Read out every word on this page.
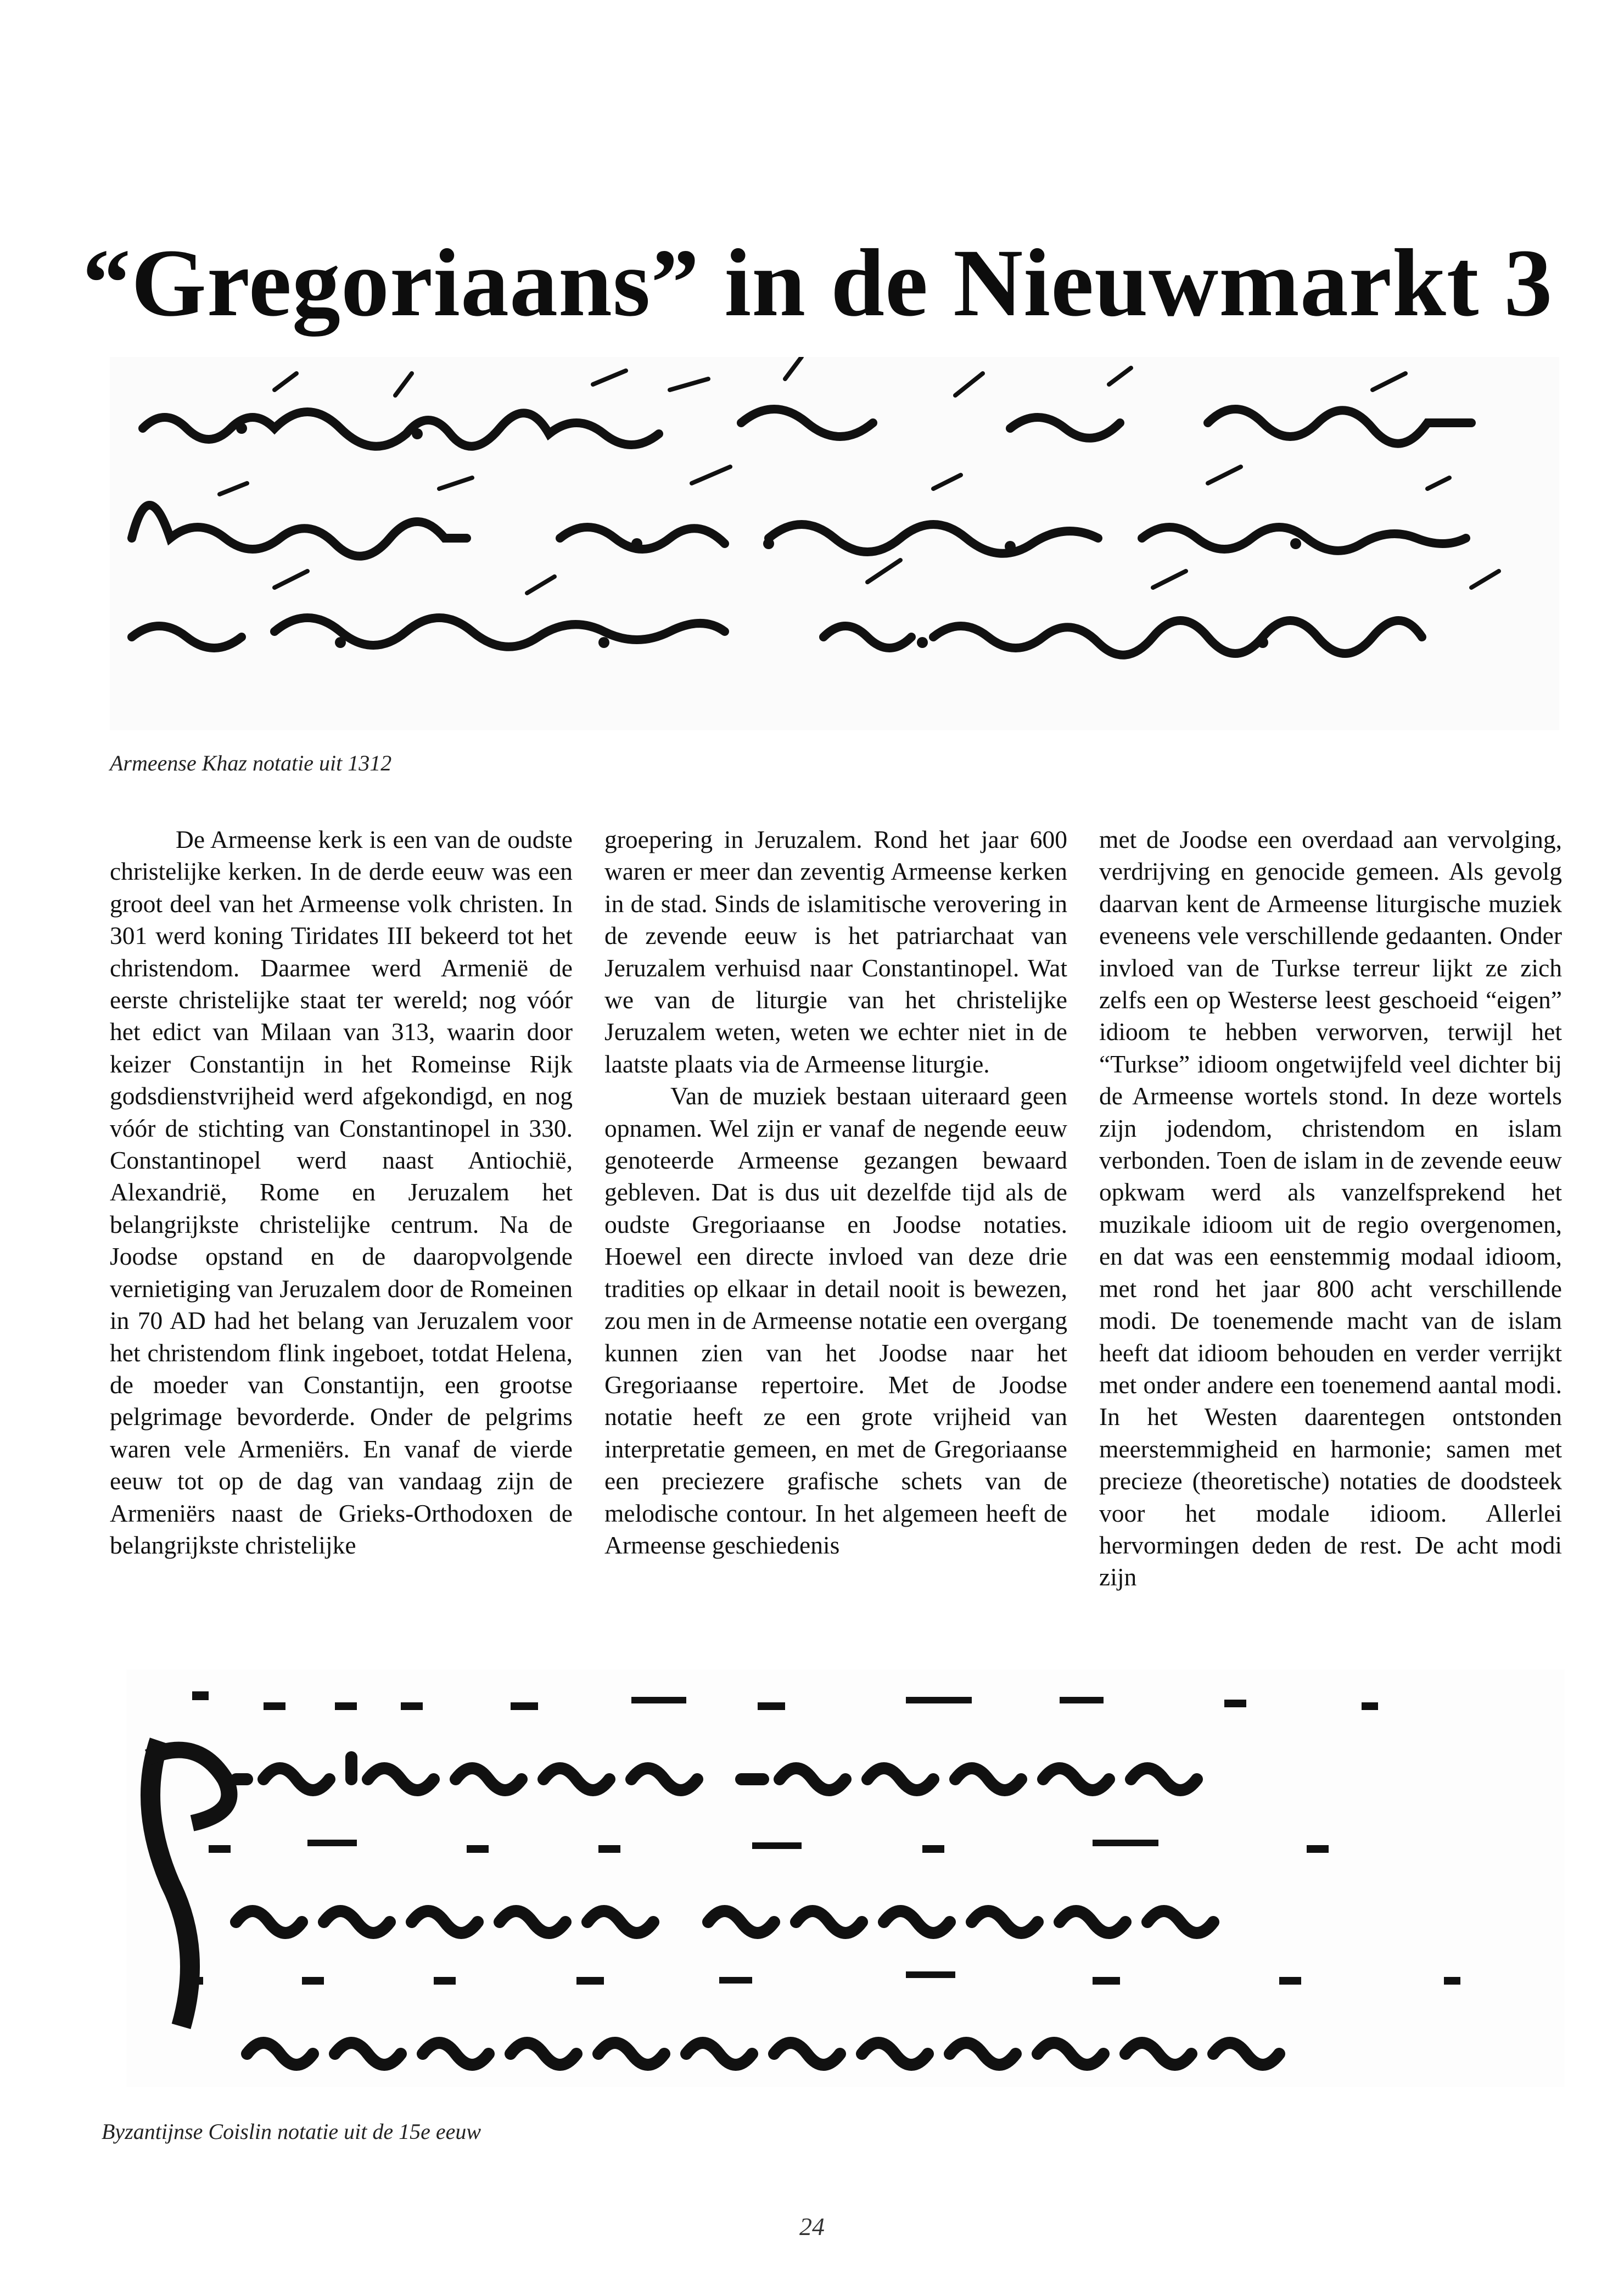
“Gregoriaans” in de Nieuwmarkt 3
Armeense Khaz notatie uit 1312

De Armeense kerk is een van de oudste christelijke kerken. In de derde eeuw was een groot deel van het Armeense volk christen. In 301 werd koning Tiridates III bekeerd tot het christendom. Daarmee werd Armenië de eerste christelijke staat ter wereld; nog vóór het edict van Milaan van 313, waarin door keizer Constantijn in het Romeinse Rijk godsdienstvrijheid werd afgekondigd, en nog vóór de stichting van Constantinopel in 330. Constantinopel werd naast Antiochië, Alexandrië, Rome en Jeruzalem het belangrijkste christelijke centrum. Na de Joodse opstand en de daaropvolgende vernietiging van Jeruzalem door de Romeinen in 70 AD had het belang van Jeruzalem voor het christendom flink ingeboet, totdat Helena, de moeder van Constantijn, een grootse pelgrimage bevorderde. Onder de pelgrims waren vele Armeniërs. En vanaf de vierde eeuw tot op de dag van vandaag zijn de Armeniërs naast de Grieks-Orthodoxen de belangrijkste christelijke

groepering in Jeruzalem. Rond het jaar 600 waren er meer dan zeventig Armeense kerken in de stad. Sinds de islamitische verovering in de zevende eeuw is het patriarchaat van Jeruzalem verhuisd naar Constantinopel. Wat we van de liturgie van het christelijke Jeruzalem weten, weten we echter niet in de laatste plaats via de Armeense liturgie.

Van de muziek bestaan uiteraard geen opnamen. Wel zijn er vanaf de negende eeuw genoteerde Armeense gezangen bewaard gebleven. Dat is dus uit dezelfde tijd als de oudste Gregoriaanse en Joodse notaties. Hoewel een directe invloed van deze drie tradities op elkaar in detail nooit is bewezen, zou men in de Armeense notatie een overgang kunnen zien van het Joodse naar het Gregoriaanse repertoire. Met de Joodse notatie heeft ze een grote vrijheid van interpretatie gemeen, en met de Gregoriaanse een preciezere grafische schets van de melodische contour. In het algemeen heeft de Armeense geschiedenis

met de Joodse een overdaad aan vervolging, verdrijving en genocide gemeen. Als gevolg daarvan kent de Armeense liturgische muziek eveneens vele verschillende gedaanten. Onder invloed van de Turkse terreur lijkt ze zich zelfs een op Westerse leest geschoeid “eigen” idioom te hebben verworven, terwijl het “Turkse” idioom ongetwijfeld veel dichter bij de Armeense wortels stond. In deze wortels zijn jodendom, christendom en islam verbonden. Toen de islam in de zevende eeuw opkwam werd als vanzelfsprekend het muzikale idioom uit de regio overgenomen, en dat was een eenstemmig modaal idioom, met rond het jaar 800 acht verschillende modi. De toenemende macht van de islam heeft dat idioom behouden en verder verrijkt met onder andere een toenemend aantal modi. In het Westen daarentegen ontstonden meerstemmigheid en harmonie; samen met precieze (theoretische) notaties de doodsteek voor het modale idioom. Allerlei hervormingen deden de rest. De acht modi zijn

Byzantijnse Coislin notatie uit de 15e eeuw
24
